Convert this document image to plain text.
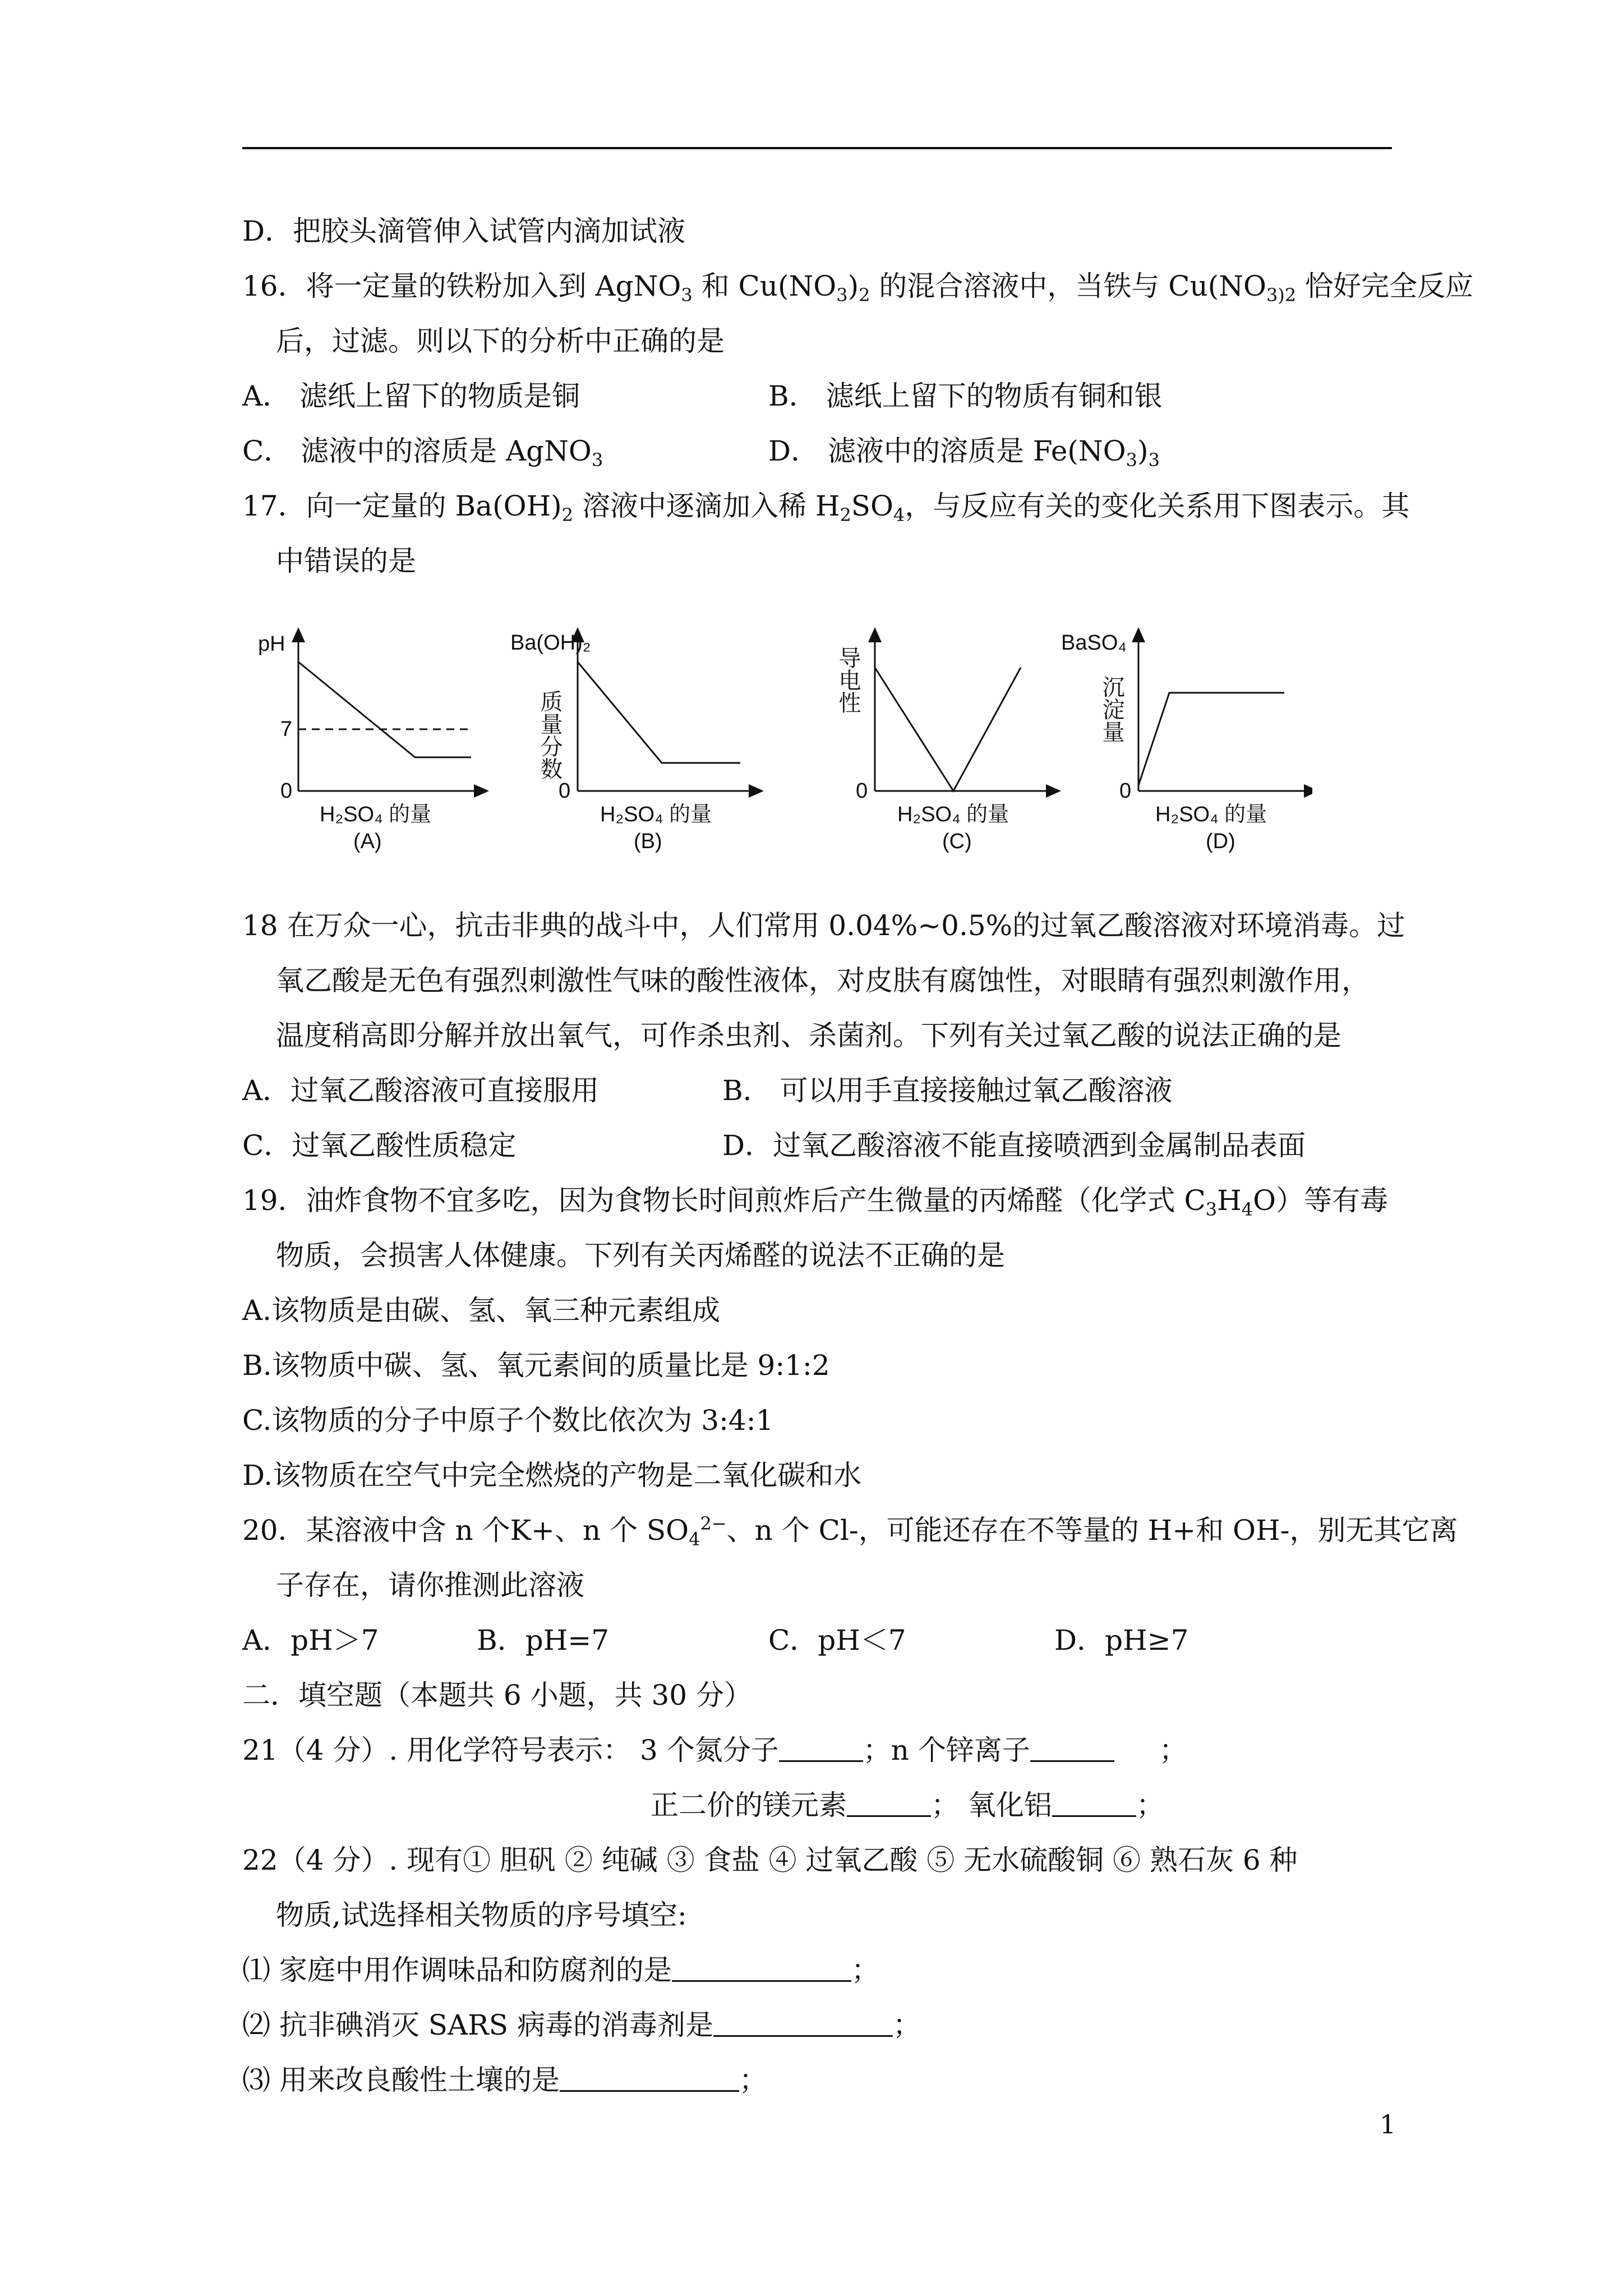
D．把胶头滴管伸入试管内滴加试液
16．将一定量的铁粉加入到 AgNO$_3$ 和 $Cu(NO_3)_2$ 的混合溶液中，当铁与 $Cu(NO_{3)2}$ 恰好完全反应
后，过滤。则以下的分析中正确的是
A． 滤纸上留下的物质是铜	B． 滤纸上留下的物质有铜和银
C． 滤液中的溶质是 AgNO$_3$	D． 滤液中的溶质是 $Fe(NO_3)_3$
17．向一定量的 $Ba(OH)_2$ 溶液中逐滴加入稀 $H_2SO_4$，与反应有关的变化关系用下图表示。其
中错误的是
pH
7
0
H₂SO₄ 的量
(A)
Ba(OH)₂
质量分数
0
H₂SO₄ 的量
(B)
导电性
0
H₂SO₄ 的量
(C)
BaSO₄
沉淀量
0
H₂SO₄ 的量
(D)
18 在万众一心，抗击非典的战斗中，人们常用 0.04%~0.5%的过氧乙酸溶液对环境消毒。过
氧乙酸是无色有强烈刺激性气味的酸性液体，对皮肤有腐蚀性，对眼睛有强烈刺激作用，
温度稍高即分解并放出氧气，可作杀虫剂、杀菌剂。下列有关过氧乙酸的说法正确的是
A．过氧乙酸溶液可直接服用	B． 可以用手直接接触过氧乙酸溶液
C．过氧乙酸性质稳定	D．过氧乙酸溶液不能直接喷洒到金属制品表面
19．油炸食物不宜多吃，因为食物长时间煎炸后产生微量的丙烯醛（化学式 $C_3H_4O$）等有毒
物质，会损害人体健康。下列有关丙烯醛的说法不正确的是
A.该物质是由碳、氢、氧三种元素组成
B.该物质中碳、氢、氧元素间的质量比是 9:1:2
C.该物质的分子中原子个数比依次为 3:4:1
D.该物质在空气中完全燃烧的产物是二氧化碳和水
20．某溶液中含 n 个K+、n 个 $SO_4^{2-}$、n 个 Cl-，可能还存在不等量的 H+和 OH-，别无其它离
子存在，请你推测此溶液
A．pH＞7	B．pH=7	C．pH＜7	D．pH≥7
二．填空题（本题共 6 小题，共 30 分）
21（4 分）. 用化学符号表示： 3 个氮分子	；n 个锌离子	；
正二价的镁元素	； 氧化铝	；
22（4 分）. 现有① 胆矾 ② 纯碱 ③ 食盐 ④ 过氧乙酸 ⑤ 无水硫酸铜 ⑥ 熟石灰 6 种
物质,试选择相关物质的序号填空:
⑴ 家庭中用作调味品和防腐剂的是	；
⑵ 抗非碘消灭 SARS 病毒的消毒剂是	；
⑶ 用来改良酸性土壤的是	；
1
